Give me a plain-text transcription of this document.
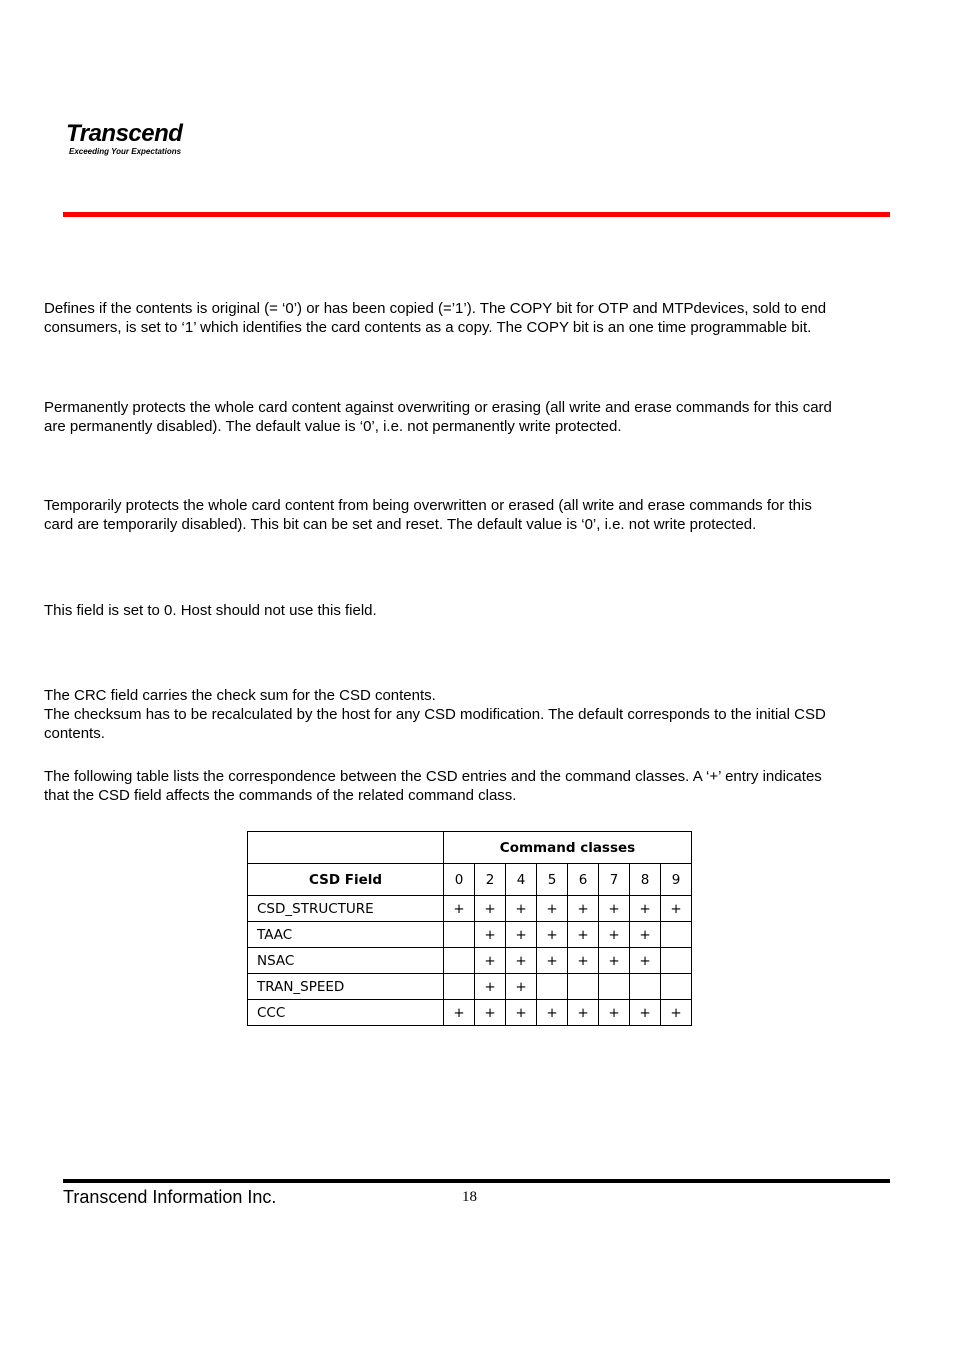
Transcend
Exceeding Your Expectations

Defines if the contents is original (= ‘0’) or has been copied (=’1’). The COPY bit for OTP and MTPdevices, sold to end
consumers, is set to ‘1’ which identifies the card contents as a copy. The COPY bit is an one time programmable bit.

Permanently protects the whole card content against overwriting or erasing (all write and erase commands for this card
are permanently disabled). The default value is ‘0’, i.e. not permanently write protected.

Temporarily protects the whole card content from being overwritten or erased (all write and erase commands for this
card are temporarily disabled). This bit can be set and reset. The default value is ‘0’, i.e. not write protected.

This field is set to 0. Host should not use this field.

The CRC field carries the check sum for the CSD contents.
The checksum has to be recalculated by the host for any CSD modification. The default corresponds to the initial CSD
contents.

The following table lists the correspondence between the CSD entries and the command classes. A ‘+’ entry indicates
that the CSD field affects the commands of the related command class.

	Command classes							
CSD Field	0	2	4	5	6	7	8	9
CSD_STRUCTURE	+	+	+	+	+	+	+	+
TAAC		+	+	+	+	+	+	
NSAC		+	+	+	+	+	+	
TRAN_SPEED		+	+					
CCC	+	+	+	+	+	+	+	+
Transcend Information Inc.	18
